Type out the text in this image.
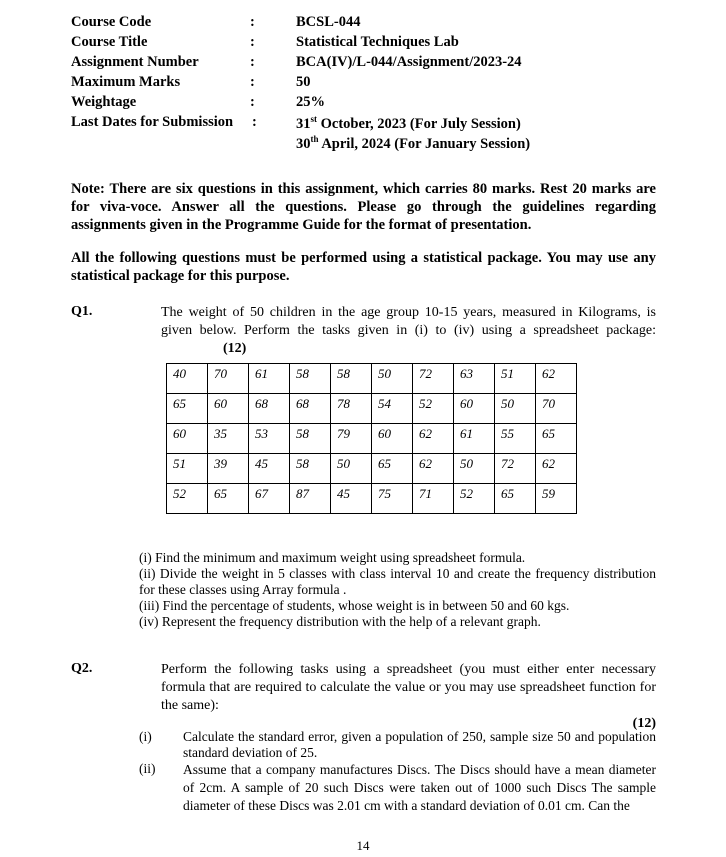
Course Code	:	BCSL-044
Course Title	:	Statistical Techniques Lab
Assignment Number	:	BCA(IV)/L-044/Assignment/2023-24
Maximum Marks	:	50
Weightage	:	25%
Last Dates for Submission :	31st October, 2023 (For July Session)
30th April, 2024 (For January Session)
Note: There are six questions in this assignment, which carries 80 marks. Rest 20 marks are for viva-voce. Answer all the questions. Please go through the guidelines regarding assignments given in the Programme Guide for the format of presentation.
All the following questions must be performed using a statistical package. You may use any statistical package for this purpose.
Q1.	The weight of 50 children in the age group 10-15 years, measured in Kilograms, is given below. Perform the tasks given in (i) to (iv) using a spreadsheet package:(12)
40	70	61	58	58	50	72	63	51	62
65	60	68	68	78	54	52	60	50	70
60	35	53	58	79	60	62	61	55	65
51	39	45	58	50	65	62	50	72	62
52	65	67	87	45	75	71	52	65	59
(i) Find the minimum and maximum weight using spreadsheet formula.
(ii) Divide the weight in 5 classes with class interval 10 and create the frequency distribution for these classes using Array formula .
(iii) Find the percentage of students, whose weight is in between 50 and 60 kgs.
(iv) Represent the frequency distribution with the help of a relevant graph.
Q2.	Perform the following tasks using a spreadsheet (you must either enter necessary formula that are required to calculate the value or you may use spreadsheet function for the same):
(12)
(i) Calculate the standard error, given a population of 250, sample size 50 and population standard deviation of 25.
(ii) Assume that a company manufactures Discs. The Discs should have a mean diameter of 2cm. A sample of 20 such Discs were taken out of 1000 such Discs The sample diameter of these Discs was 2.01 cm with a standard deviation of 0.01 cm. Can the
14
